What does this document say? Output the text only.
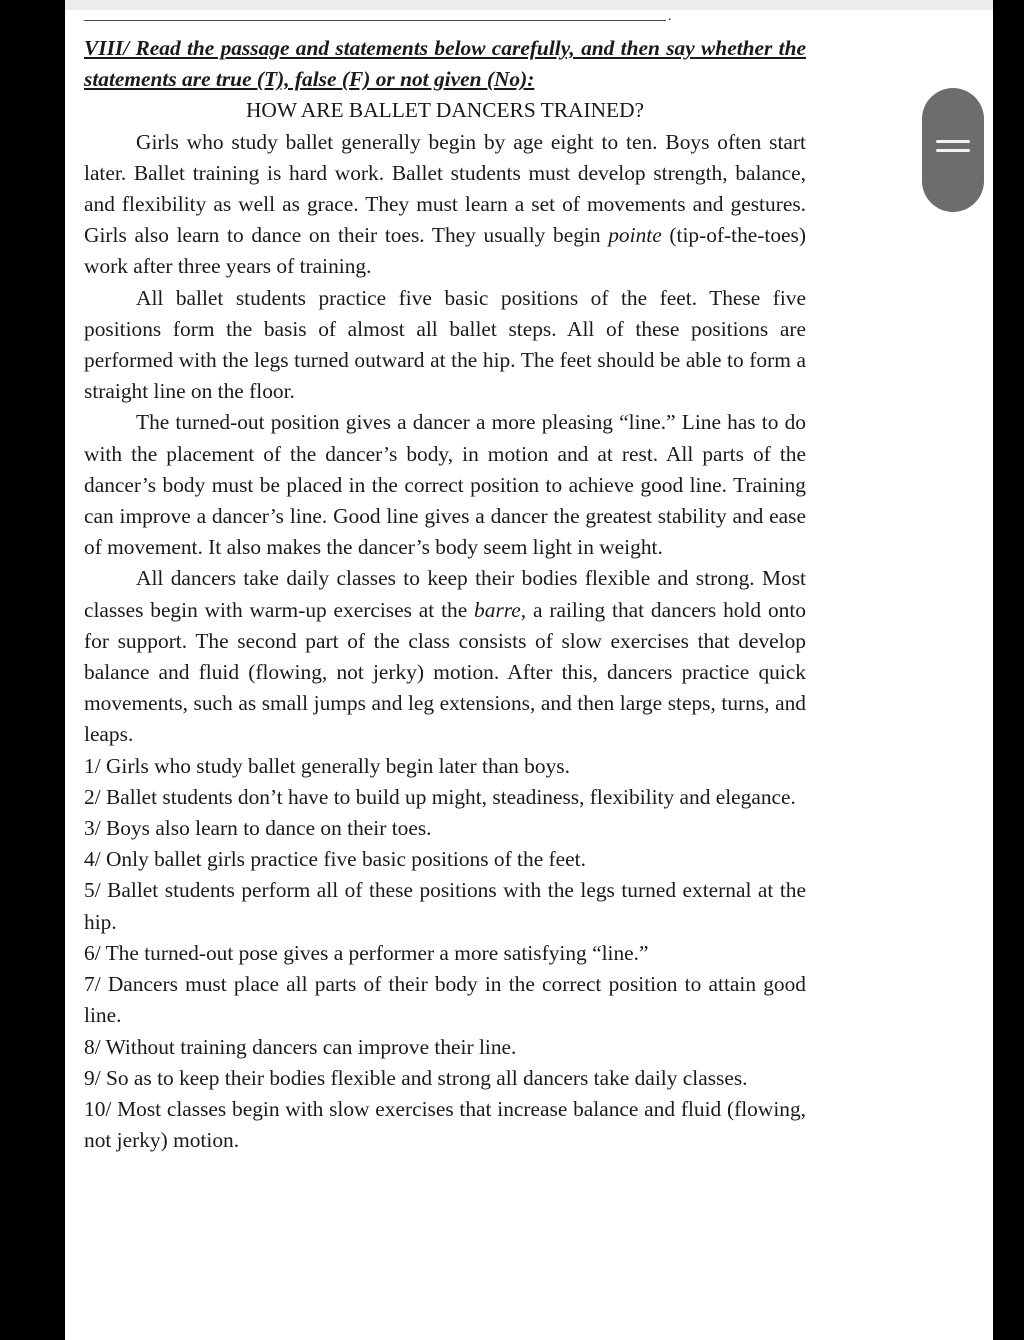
.
VIII/ Read the passage and statements below carefully, and then say whether the statements are true (T), false (F) or not given (No):
HOW ARE BALLET DANCERS TRAINED?

Girls who study ballet generally begin by age eight to ten. Boys often start later. Ballet training is hard work. Ballet students must develop strength, balance, and flexibility as well as grace. They must learn a set of movements and gestures. Girls also learn to dance on their toes. They usually begin pointe (tip-of-the-toes) work after three years of training.

All ballet students practice five basic positions of the feet. These five positions form the basis of almost all ballet steps. All of these positions are performed with the legs turned outward at the hip. The feet should be able to form a straight line on the floor.

The turned-out position gives a dancer a more pleasing “line.” Line has to do with the placement of the dancer’s body, in motion and at rest. All parts of the dancer’s body must be placed in the correct position to achieve good line. Training can improve a dancer’s line. Good line gives a dancer the greatest stability and ease of movement. It also makes the dancer’s body seem light in weight.

All dancers take daily classes to keep their bodies flexible and strong. Most classes begin with warm-up exercises at the barre, a railing that dancers hold onto for support. The second part of the class consists of slow exercises that develop balance and fluid (flowing, not jerky) motion. After this, dancers practice quick movements, such as small jumps and leg extensions, and then large steps, turns, and leaps.

1/ Girls who study ballet generally begin later than boys.

2/ Ballet students don’t have to build up might, steadiness, flexibility and elegance.

3/ Boys also learn to dance on their toes.

4/ Only ballet girls practice five basic positions of the feet.

5/ Ballet students perform all of these positions with the legs turned external at the hip.

6/ The turned-out pose gives a performer a more satisfying “line.”

7/ Dancers must place all parts of their body in the correct position to attain good line.

8/ Without training dancers can improve their line.

9/ So as to keep their bodies flexible and strong all dancers take daily classes.

10/ Most classes begin with slow exercises that increase balance and fluid (flowing, not jerky) motion.
